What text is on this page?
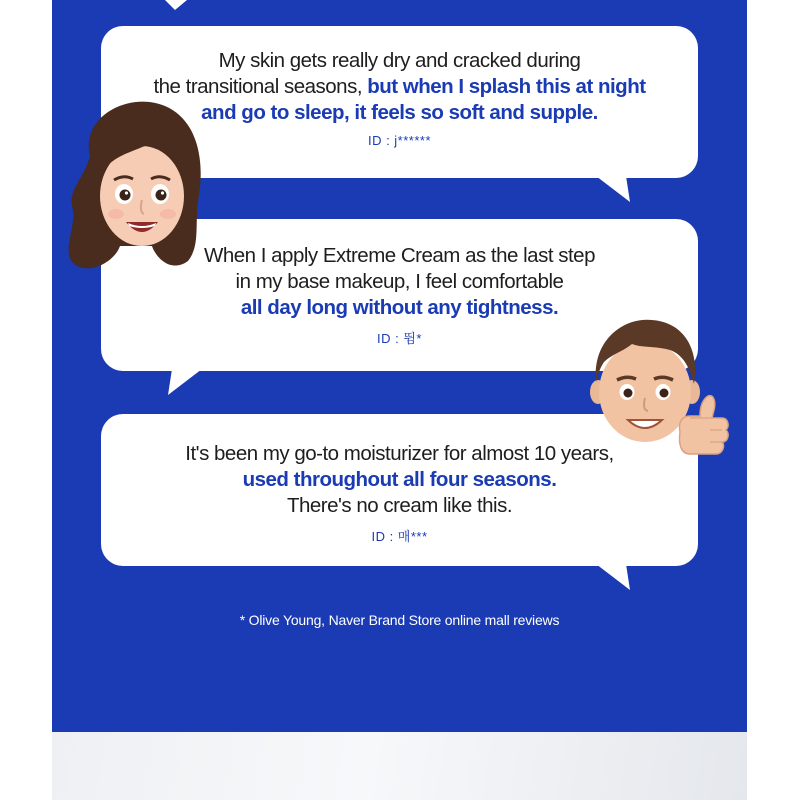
My skin gets really dry and cracked during
the transitional seasons, but when I splash this at night
and go to sleep, it feels so soft and supple.
ID : j******
When I apply Extreme Cream as the last step
in my base makeup, I feel comfortable
all day long without any tightness.
ID : 뜀*
It's been my go-to moisturizer for almost 10 years,
used throughout all four seasons.
There's no cream like this.
ID : 매***
* Olive Young, Naver Brand Store online mall reviews
